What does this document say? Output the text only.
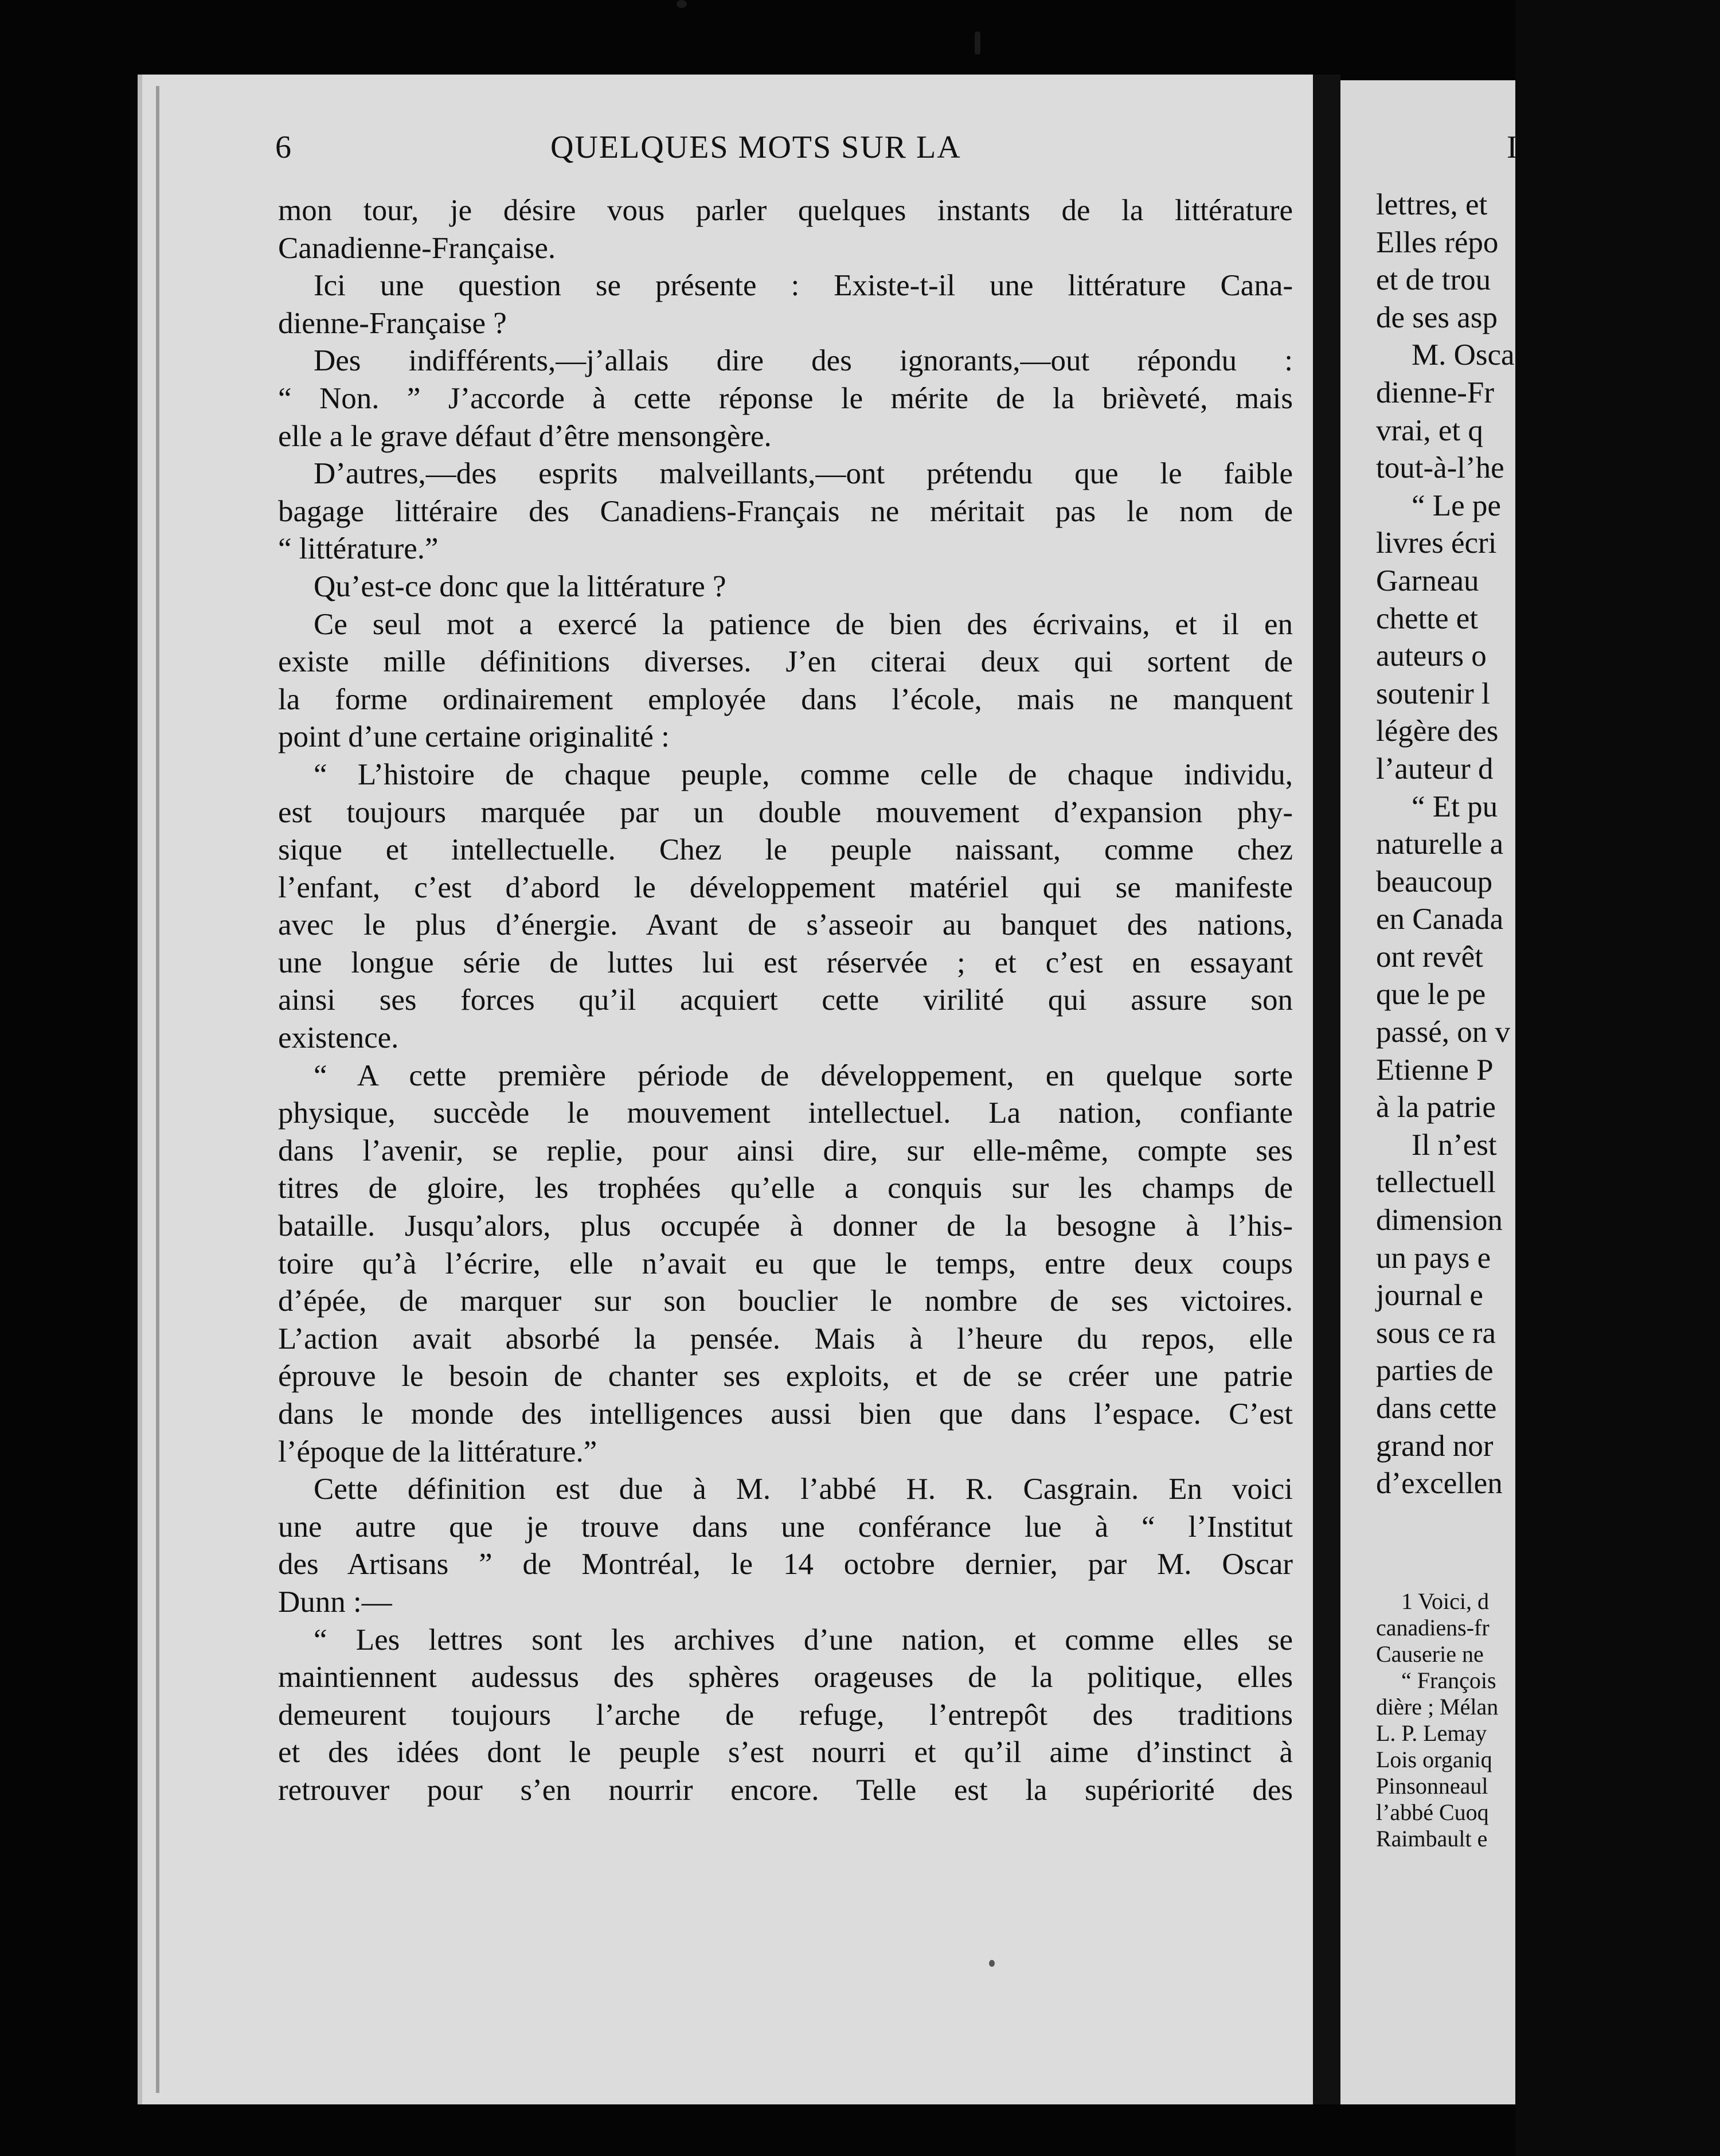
6	QUELQUES MOTS SUR LA
mon tour, je désire vous parler quelques instants de la littérature
Canadienne-Française.
Ici une question se présente : Existe-t-il une littérature Cana-
dienne-Française ?
Des indifférents,—j’allais dire des ignorants,—out répondu :
“ Non. ” J’accorde à cette réponse le mérite de la brièveté, mais
elle a le grave défaut d’être mensongère.
D’autres,—des esprits malveillants,—ont prétendu que le faible
bagage littéraire des Canadiens-Français ne méritait pas le nom de
“ littérature.”
Qu’est-ce donc que la littérature ?
Ce seul mot a exercé la patience de bien des écrivains, et il en
existe mille définitions diverses. J’en citerai deux qui sortent de
la forme ordinairement employée dans l’école, mais ne manquent
point d’une certaine originalité :
“ L’histoire de chaque peuple, comme celle de chaque individu,
est toujours marquée par un double mouvement d’expansion phy-
sique et intellectuelle. Chez le peuple naissant, comme chez
l’enfant, c’est d’abord le développement matériel qui se manifeste
avec le plus d’énergie. Avant de s’asseoir au banquet des nations,
une longue série de luttes lui est réservée ; et c’est en essayant
ainsi ses forces qu’il acquiert cette virilité qui assure son
existence.
“ A cette première période de développement, en quelque sorte
physique, succède le mouvement intellectuel. La nation, confiante
dans l’avenir, se replie, pour ainsi dire, sur elle-même, compte ses
titres de gloire, les trophées qu’elle a conquis sur les champs de
bataille. Jusqu’alors, plus occupée à donner de la besogne à l’his-
toire qu’à l’écrire, elle n’avait eu que le temps, entre deux coups
d’épée, de marquer sur son bouclier le nombre de ses victoires.
L’action avait absorbé la pensée. Mais à l’heure du repos, elle
éprouve le besoin de chanter ses exploits, et de se créer une patrie
dans le monde des intelligences aussi bien que dans l’espace. C’est
l’époque de la littérature.”
Cette définition est due à M. l’abbé H. R. Casgrain. En voici
une autre que je trouve dans une conférance lue à “ l’Institut
des Artisans ” de Montréal, le 14 octobre dernier, par M. Oscar
Dunn :—
“ Les lettres sont les archives d’une nation, et comme elles se
maintiennent audessus des sphères orageuses de la politique, elles
demeurent toujours l’arche de refuge, l’entrepôt des traditions
et des idées dont le peuple s’est nourri et qu’il aime d’instinct à
retrouver pour s’en nourrir encore. Telle est la supériorité des
I
lettres, et
Elles répo
et de trou
de ses asp
M. Osca
dienne-Fr
vrai, et q
tout-à-l’he
“ Le pe
livres écri
Garneau
chette et
auteurs o
soutenir l
légère des
l’auteur d
“ Et pu
naturelle a
beaucoup
en Canada
ont revêt
que le pe
passé, on v
Etienne P
à la patrie
Il n’est
tellectuell
dimension
un pays e
journal e
sous ce ra
parties de
dans cette
grand nor
d’excellen
1 Voici, d
canadiens-fr
Causerie ne
“ François
dière ; Mélan
L. P. Lemay
Lois organiq
Pinsonneaul
l’abbé Cuoq
Raimbault e
